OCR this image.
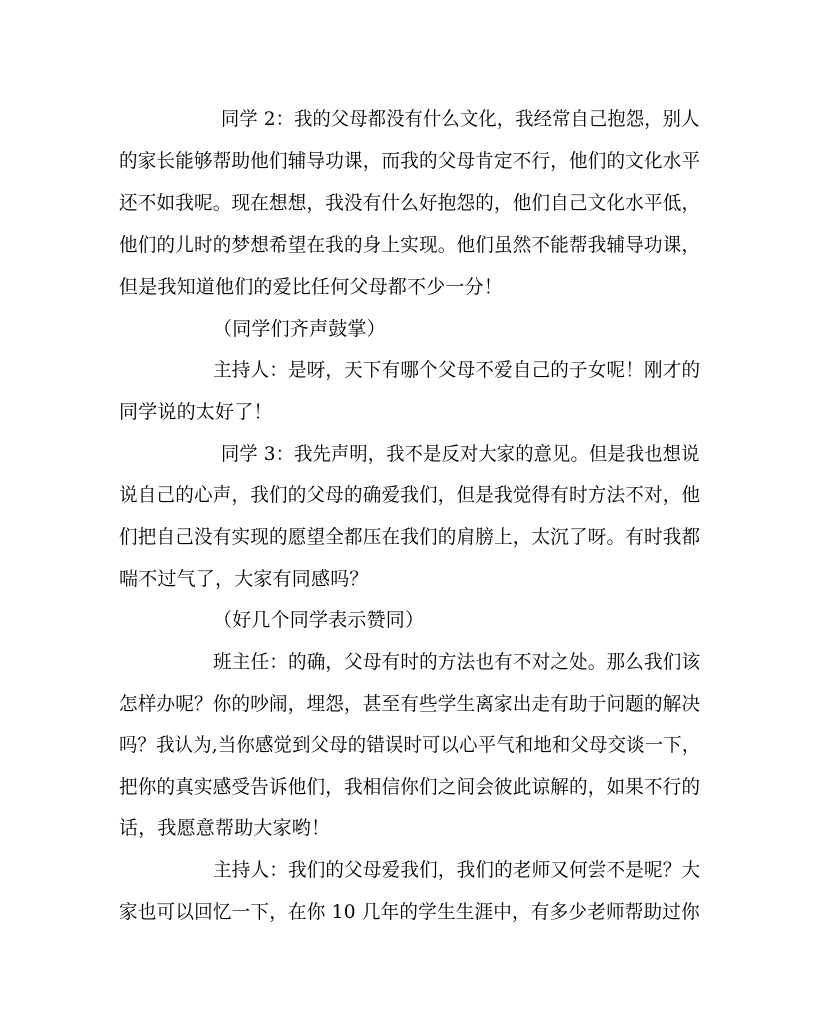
同学 2：我的父母都没有什么文化，我经常自己抱怨，别人
的家长能够帮助他们辅导功课，而我的父母肯定不行，他们的文化水平
还不如我呢。现在想想，我没有什么好抱怨的，他们自己文化水平低，
他们的儿时的梦想希望在我的身上实现。他们虽然不能帮我辅导功课，
但是我知道他们的爱比任何父母都不少一分！
（同学们齐声鼓掌）
主持人：是呀，天下有哪个父母不爱自己的子女呢！刚才的
同学说的太好了！
同学 3：我先声明，我不是反对大家的意见。但是我也想说
说自己的心声，我们的父母的确爱我们，但是我觉得有时方法不对，他
们把自己没有实现的愿望全都压在我们的肩膀上，太沉了呀。有时我都
喘不过气了，大家有同感吗？
（好几个同学表示赞同）
班主任：的确，父母有时的方法也有不对之处。那么我们该
怎样办呢？你的吵闹，埋怨，甚至有些学生离家出走有助于问题的解决
吗？我认为,当你感觉到父母的错误时可以心平气和地和父母交谈一下，
把你的真实感受告诉他们，我相信你们之间会彼此谅解的，如果不行的
话，我愿意帮助大家哟！
主持人：我们的父母爱我们，我们的老师又何尝不是呢？大
家也可以回忆一下，在你 10 几年的学生生涯中，有多少老师帮助过你
